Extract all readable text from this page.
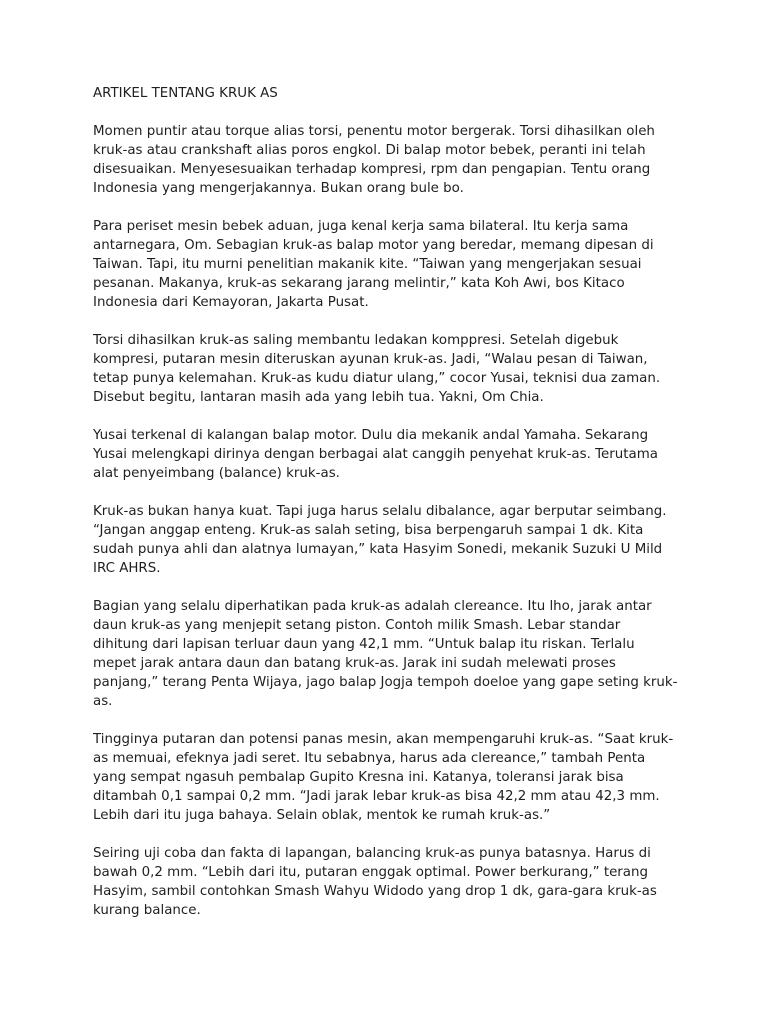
ARTIKEL TENTANG KRUK AS

Momen puntir atau torque alias torsi, penentu motor bergerak. Torsi dihasilkan oleh kruk-as atau crankshaft alias poros engkol. Di balap motor bebek, peranti ini telah disesuaikan. Menyesesuaikan terhadap kompresi, rpm dan pengapian. Tentu orang Indonesia yang mengerjakannya. Bukan orang bule bo.

Para periset mesin bebek aduan, juga kenal kerja sama bilateral. Itu kerja sama antarnegara, Om. Sebagian kruk-as balap motor yang beredar, memang dipesan di Taiwan. Tapi, itu murni penelitian makanik kite. “Taiwan yang mengerjakan sesuai pesanan. Makanya, kruk-as sekarang jarang melintir,” kata Koh Awi, bos Kitaco Indonesia dari Kemayoran, Jakarta Pusat.

Torsi dihasilkan kruk-as saling membantu ledakan komppresi. Setelah digebuk kompresi, putaran mesin diteruskan ayunan kruk-as. Jadi, “Walau pesan di Taiwan, tetap punya kelemahan. Kruk-as kudu diatur ulang,” cocor Yusai, teknisi dua zaman. Disebut begitu, lantaran masih ada yang lebih tua. Yakni, Om Chia.

Yusai terkenal di kalangan balap motor. Dulu dia mekanik andal Yamaha. Sekarang Yusai melengkapi dirinya dengan berbagai alat canggih penyehat kruk-as. Terutama alat penyeimbang (balance) kruk-as.

Kruk-as bukan hanya kuat. Tapi juga harus selalu dibalance, agar berputar seimbang. “Jangan anggap enteng. Kruk-as salah seting, bisa berpengaruh sampai 1 dk. Kita sudah punya ahli dan alatnya lumayan,” kata Hasyim Sonedi, mekanik Suzuki U Mild IRC AHRS.

Bagian yang selalu diperhatikan pada kruk-as adalah clereance. Itu lho, jarak antar daun kruk-as yang menjepit setang piston. Contoh milik Smash. Lebar standar dihitung dari lapisan terluar daun yang 42,1 mm. “Untuk balap itu riskan. Terlalu mepet jarak antara daun dan batang kruk-as. Jarak ini sudah melewati proses panjang,” terang Penta Wijaya, jago balap Jogja tempoh doeloe yang gape seting kruk-as.

Tingginya putaran dan potensi panas mesin, akan mempengaruhi kruk-as. “Saat kruk-as memuai, efeknya jadi seret. Itu sebabnya, harus ada clereance,” tambah Penta yang sempat ngasuh pembalap Gupito Kresna ini. Katanya, toleransi jarak bisa ditambah 0,1 sampai 0,2 mm. “Jadi jarak lebar kruk-as bisa 42,2 mm atau 42,3 mm. Lebih dari itu juga bahaya. Selain oblak, mentok ke rumah kruk-as.”

Seiring uji coba dan fakta di lapangan, balancing kruk-as punya batasnya. Harus di bawah 0,2 mm. “Lebih dari itu, putaran enggak optimal. Power berkurang,” terang Hasyim, sambil contohkan Smash Wahyu Widodo yang drop 1 dk, gara-gara kruk-as kurang balance.
